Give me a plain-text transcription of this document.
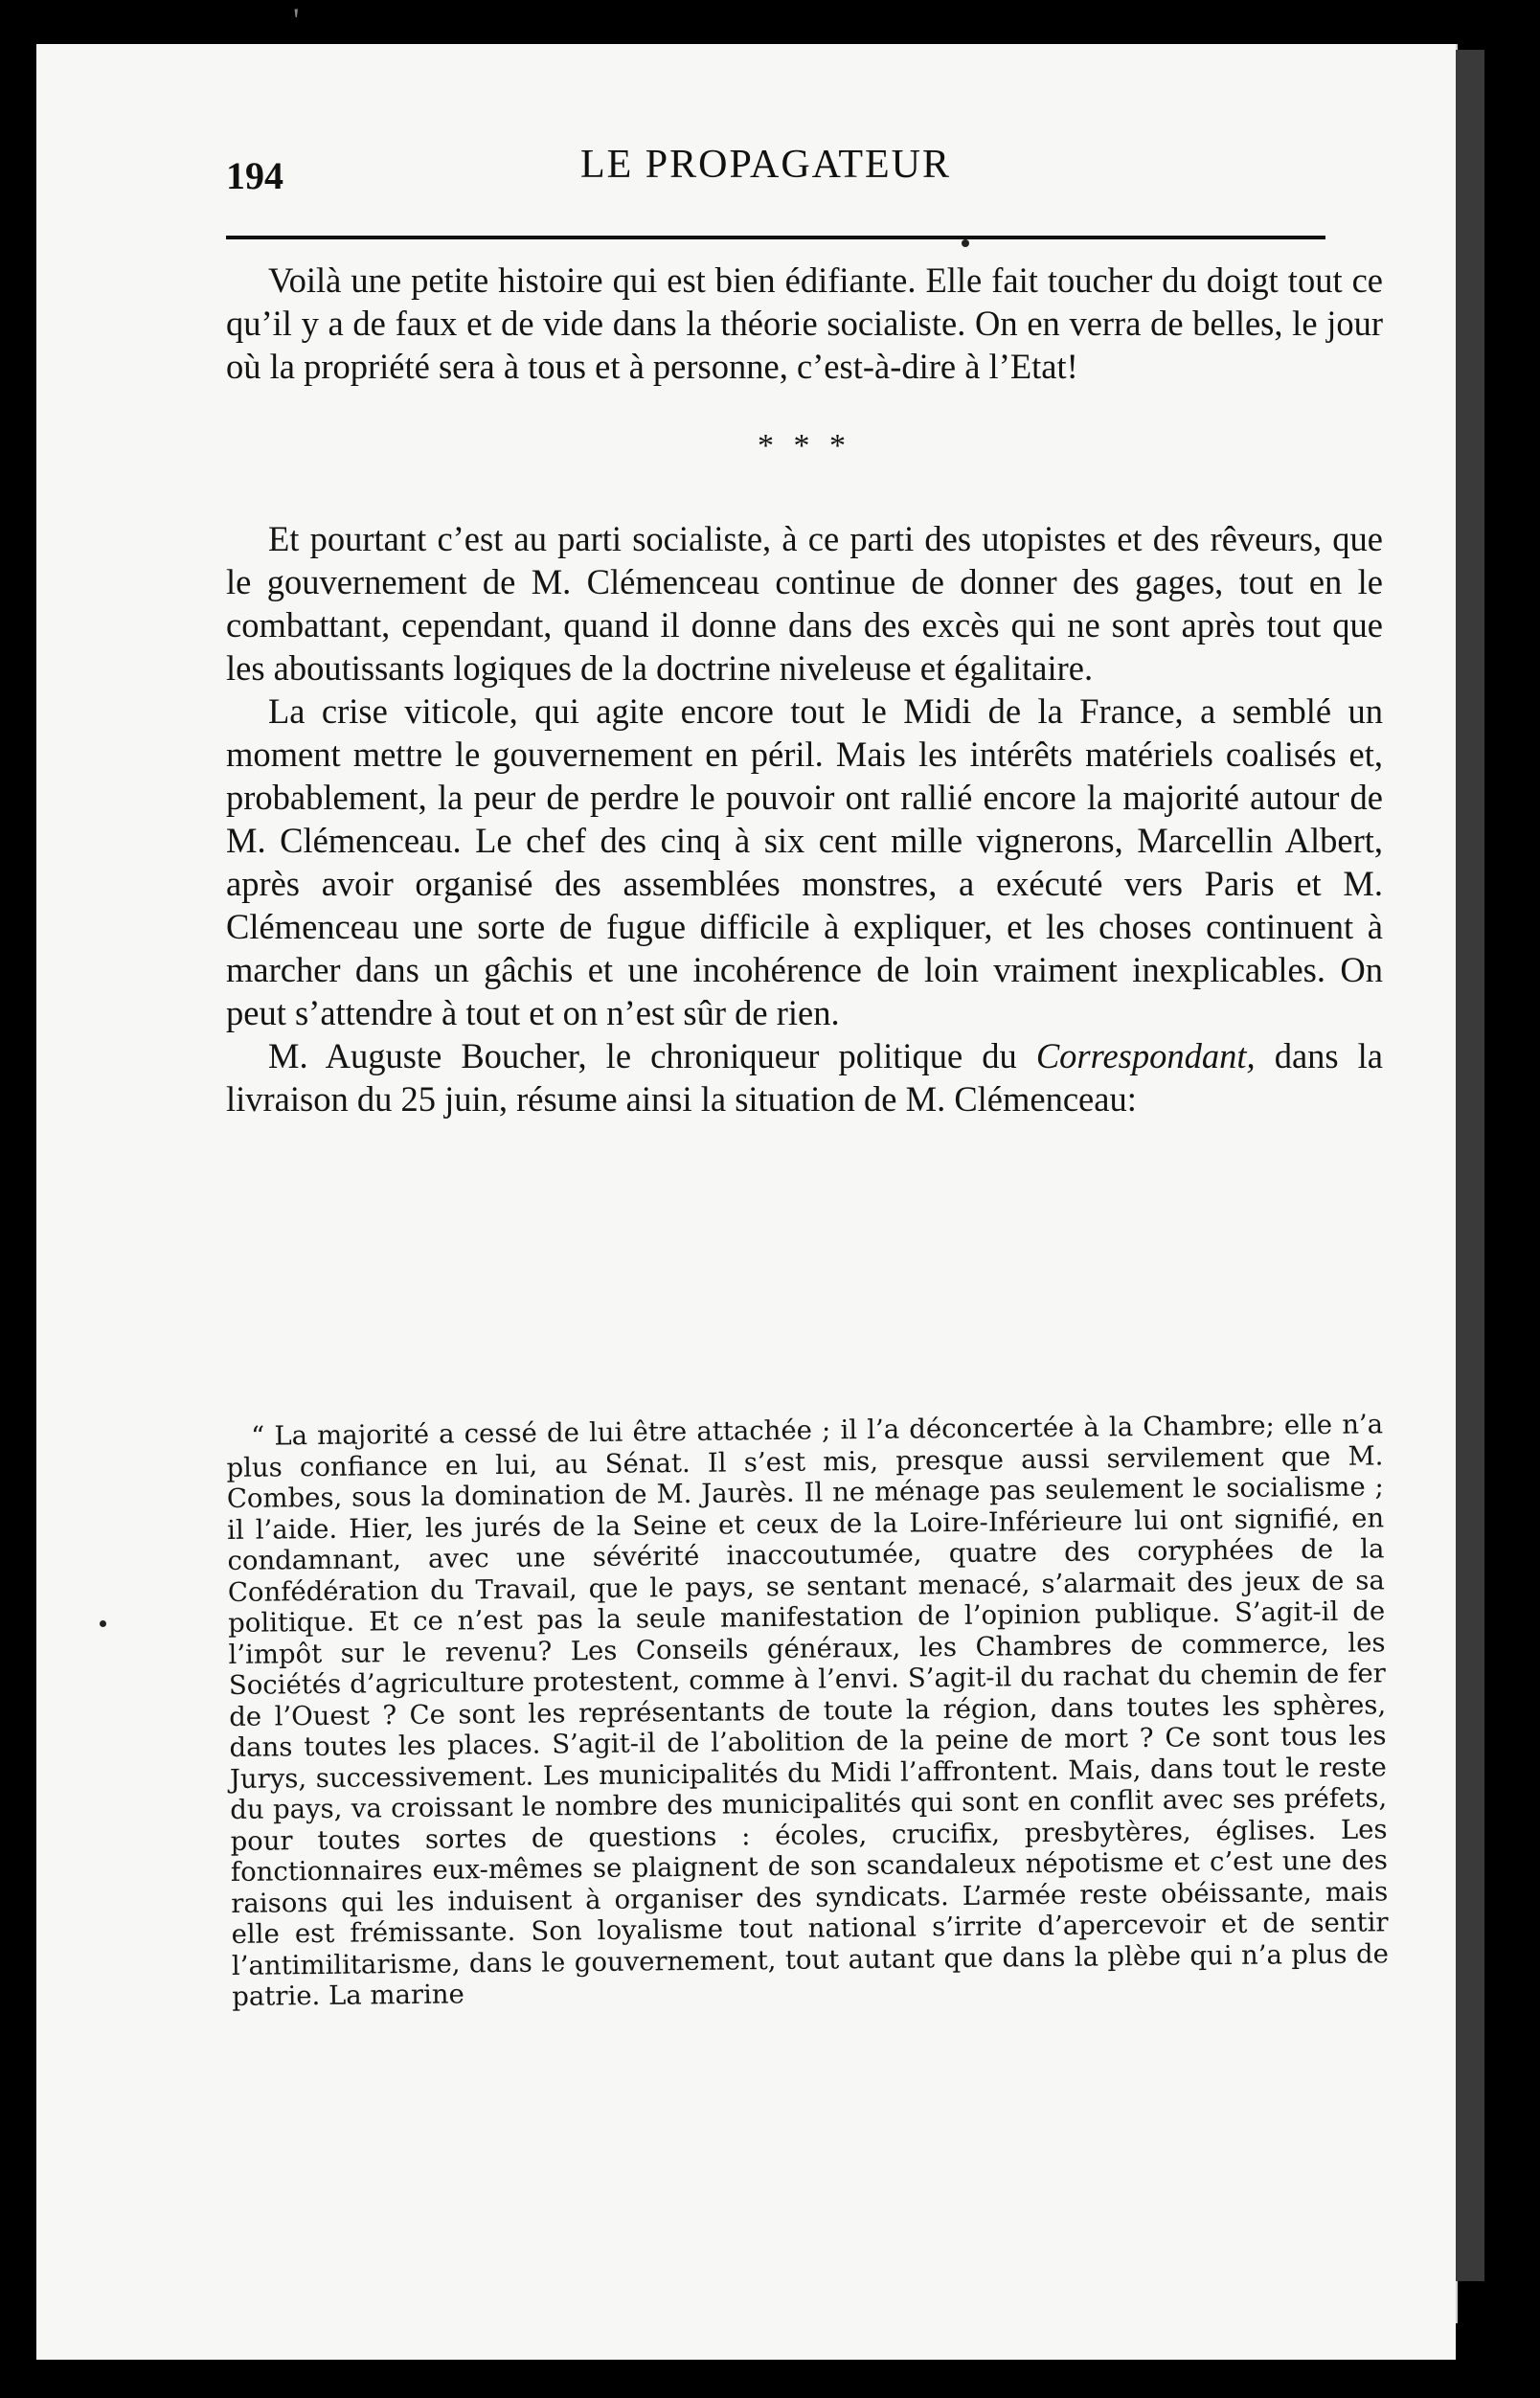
'
194	LE PROPAGATEUR

Voilà une petite histoire qui est bien édifiante. Elle fait toucher du doigt tout ce qu’il y a de faux et de vide dans la théorie socialiste. On en verra de belles, le jour où la propriété sera à tous et à personne, c’est-à-dire à l’Etat!

* * *

Et pourtant c’est au parti socialiste, à ce parti des utopistes et des rêveurs, que le gouvernement de M. Clémenceau continue de donner des gages, tout en le combattant, cependant, quand il donne dans des excès qui ne sont après tout que les aboutissants logiques de la doctrine niveleuse et égalitaire.

La crise viticole, qui agite encore tout le Midi de la France, a semblé un moment mettre le gouvernement en péril. Mais les intérêts matériels coalisés et, probablement, la peur de perdre le pouvoir ont rallié encore la majorité autour de M. Clémenceau. Le chef des cinq à six cent mille vignerons, Marcellin Albert, après avoir organisé des assemblées monstres, a exécuté vers Paris et M. Clémenceau une sorte de fugue difficile à expliquer, et les choses continuent à marcher dans un gâchis et une incohérence de loin vraiment inexplicables. On peut s’attendre à tout et on n’est sûr de rien.

M. Auguste Boucher, le chroniqueur politique du Correspondant, dans la livraison du 25 juin, résume ainsi la situation de M. Clémenceau:

“ La majorité a cessé de lui être attachée ; il l’a déconcertée à la Chambre; elle n’a plus confiance en lui, au Sénat. Il s’est mis, presque aussi servilement que M. Combes, sous la domination de M. Jaurès. Il ne ménage pas seulement le socialisme ; il l’aide. Hier, les jurés de la Seine et ceux de la Loire-Inférieure lui ont signifié, en condamnant, avec une sévérité inaccoutumée, quatre des coryphées de la Confédération du Travail, que le pays, se sentant menacé, s’alarmait des jeux de sa politique. Et ce n’est pas la seule manifestation de l’opinion publique. S’agit-il de l’impôt sur le revenu? Les Conseils généraux, les Chambres de commerce, les Sociétés d’agriculture protestent, comme à l’envi. S’agit-il du rachat du chemin de fer de l’Ouest ? Ce sont les représentants de toute la région, dans toutes les sphères, dans toutes les places. S’agit-il de l’abolition de la peine de mort ? Ce sont tous les Jurys, successivement. Les municipalités du Midi l’affrontent. Mais, dans tout le reste du pays, va croissant le nombre des municipalités qui sont en conflit avec ses préfets, pour toutes sortes de questions : écoles, crucifix, presbytères, églises. Les fonctionnaires eux-mêmes se plaignent de son scandaleux népotisme et c’est une des raisons qui les induisent à organiser des syndicats. L’armée reste obéissante, mais elle est frémissante. Son loyalisme tout national s’irrite d’apercevoir et de sentir l’antimilitarisme, dans le gouvernement, tout autant que dans la plèbe qui n’a plus de patrie. La marine
